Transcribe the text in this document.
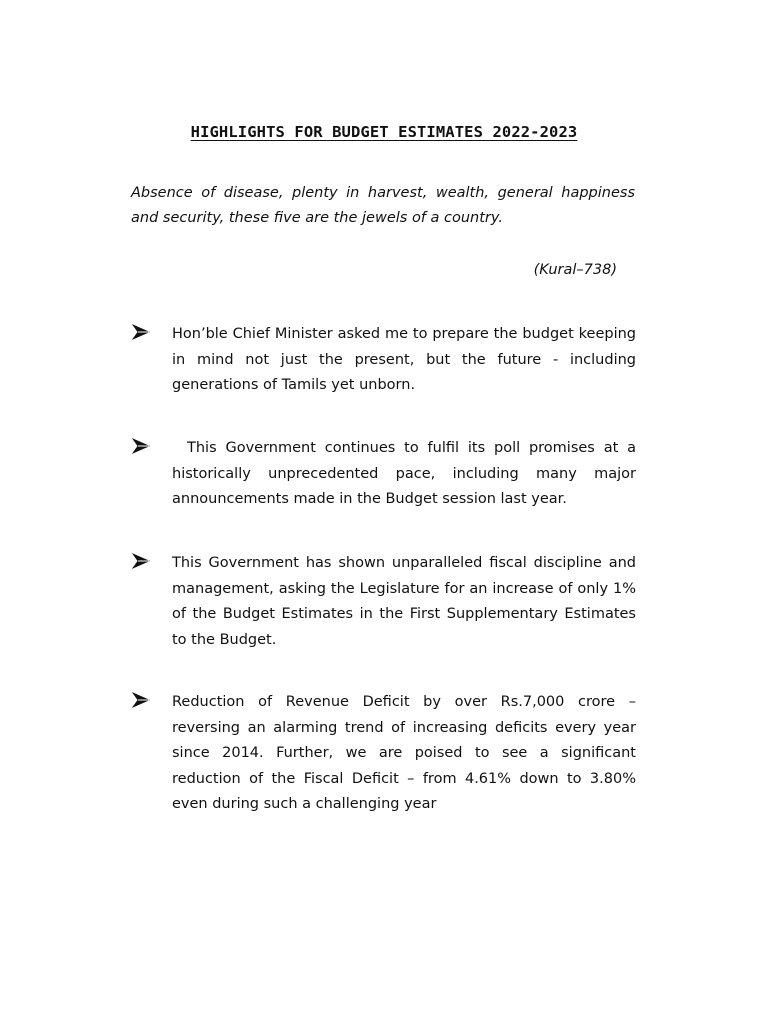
HIGHLIGHTS FOR BUDGET ESTIMATES 2022-2023

Absence of disease, plenty in harvest, wealth, general happiness and security, these five are the jewels of a country.

(Kural–738)

Hon’ble Chief Minister asked me to prepare the budget keeping in mind not just the present, but the future - including generations of Tamils yet unborn.

This Government continues to fulfil its poll promises at a historically unprecedented pace, including many major announcements made in the Budget session last year.

This Government has shown unparalleled fiscal discipline and management, asking the Legislature for an increase of only 1% of the Budget Estimates in the First Supplementary Estimates to the Budget.

Reduction of Revenue Deficit by over Rs.7,000 crore – reversing an alarming trend of increasing deficits every year since 2014. Further, we are poised to see a significant reduction of the Fiscal Deficit – from 4.61% down to 3.80% even during such a challenging year
